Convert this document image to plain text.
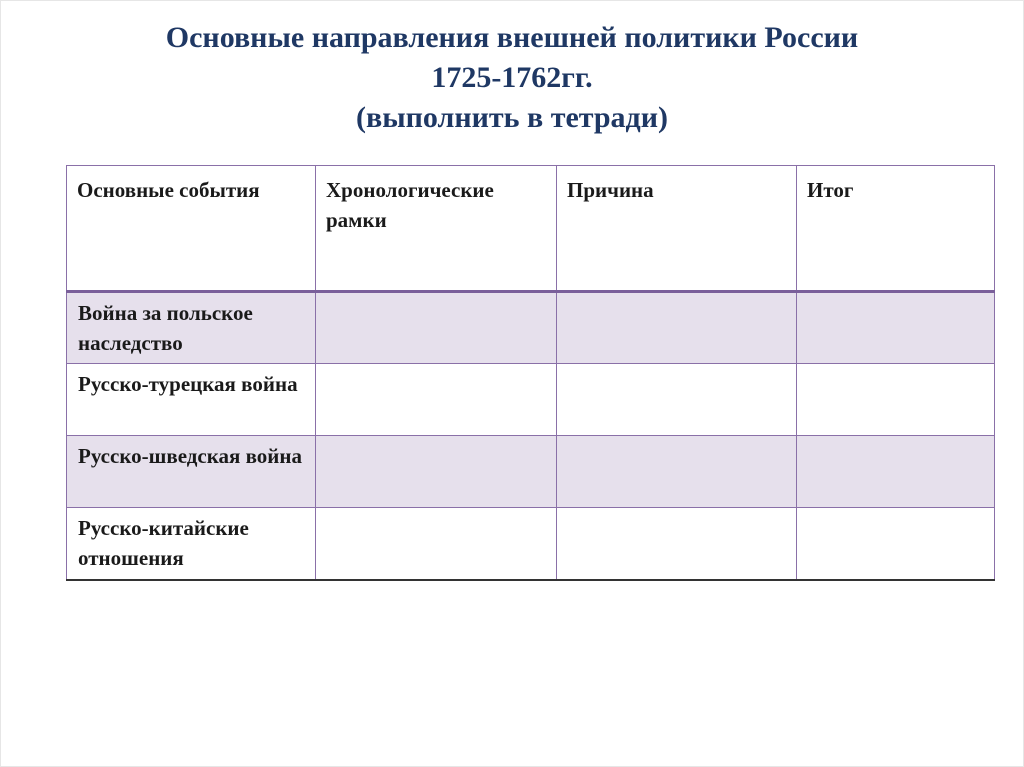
Основные направления внешней политики России
1725-1762гг.
(выполнить в тетради)
Основные события	Хронологические рамки	Причина	Итог
Война за польское наследство			
Русско-турецкая война			
Русско-шведская война			
Русско-китайские отношения			
